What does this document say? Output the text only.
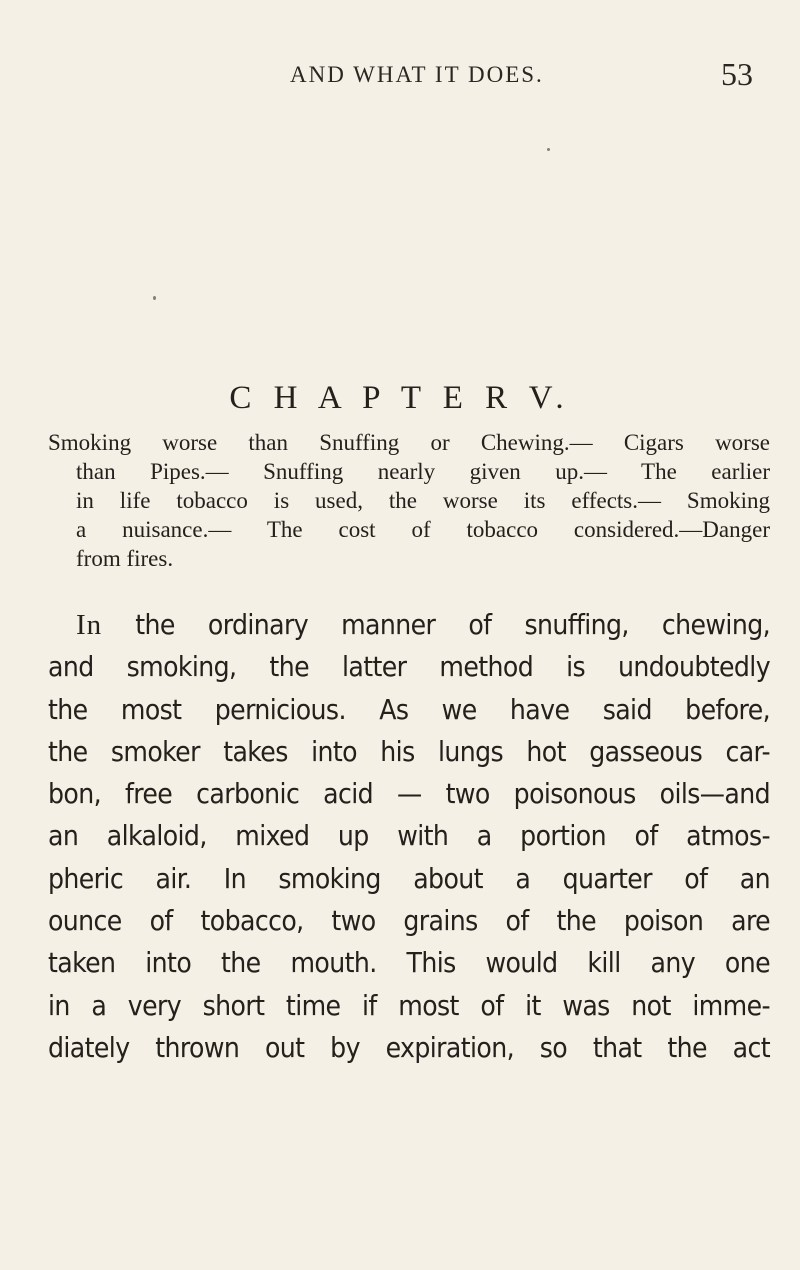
AND WHAT IT DOES.	53
C H A P T E R V.
Smoking worse than Snuffing or Chewing.— Cigars worse
than Pipes.— Snuffing nearly given up.— The earlier
in life tobacco is used, the worse its effects.— Smoking
a nuisance.— The cost of tobacco considered.—Danger
from fires.
In the ordinary manner of snuffing, chewing,
and smoking, the latter method is undoubtedly
the most pernicious. As we have said before,
the smoker takes into his lungs hot gasseous car-
bon, free carbonic acid — two poisonous oils—and
an alkaloid, mixed up with a portion of atmos-
pheric air. In smoking about a quarter of an
ounce of tobacco, two grains of the poison are
taken into the mouth. This would kill any one
in a very short time if most of it was not imme-
diately thrown out by expiration, so that the act
